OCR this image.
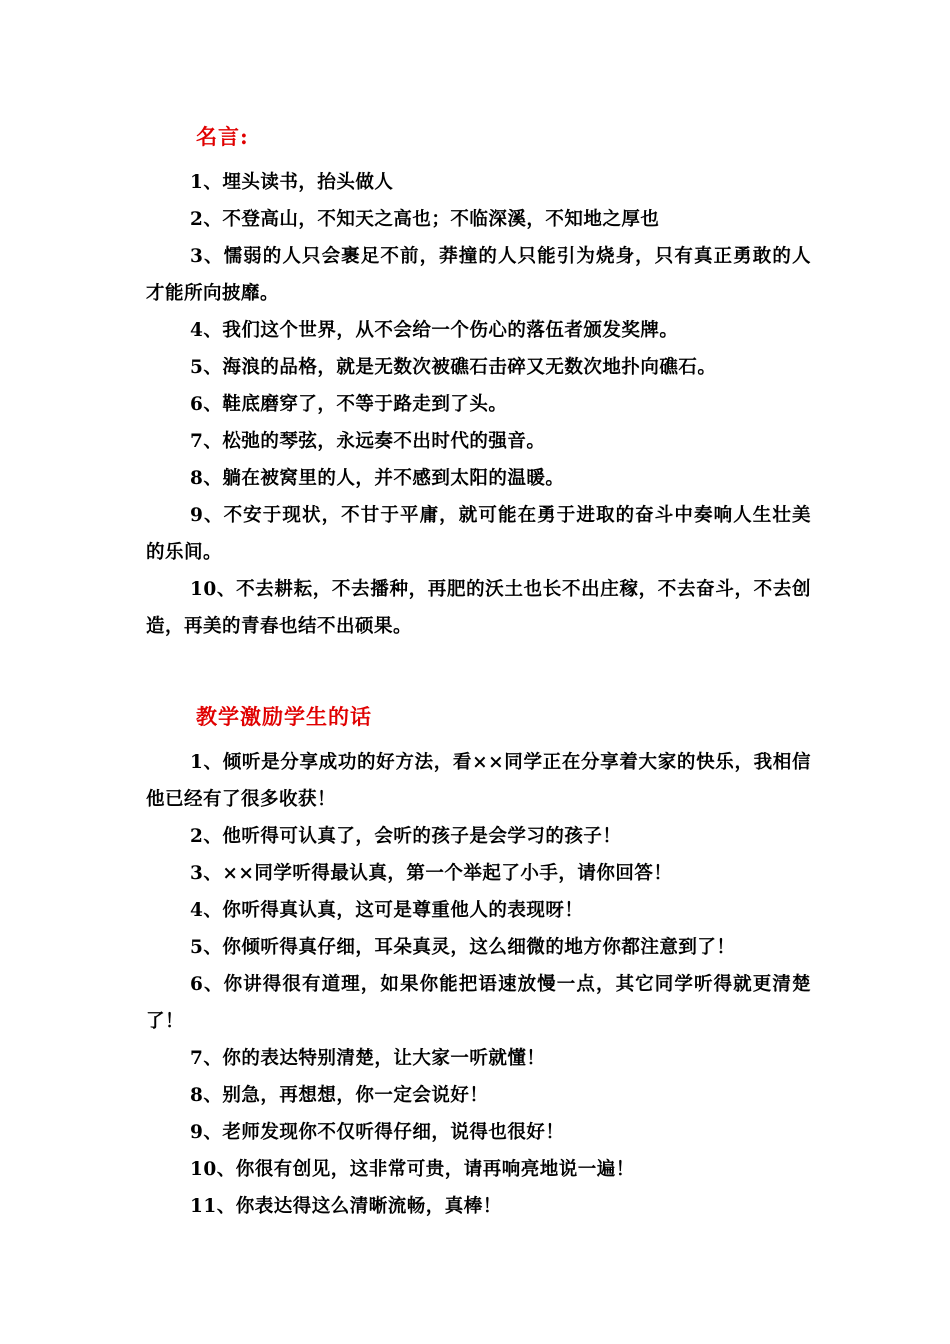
名言:

1、埋头读书，抬头做人

2、不登高山，不知天之高也；不临深溪，不知地之厚也

3、懦弱的人只会裹足不前，莽撞的人只能引为烧身，只有真正勇敢的人才能所向披靡。

4、我们这个世界，从不会给一个伤心的落伍者颁发奖牌。

5、海浪的品格，就是无数次被礁石击碎又无数次地扑向礁石。

6、鞋底磨穿了，不等于路走到了头。

7、松弛的琴弦，永远奏不出时代的强音。

8、躺在被窝里的人，并不感到太阳的温暖。

9、不安于现状，不甘于平庸，就可能在勇于进取的奋斗中奏响人生壮美的乐间。

10、不去耕耘，不去播种，再肥的沃土也长不出庄稼，不去奋斗，不去创造，再美的青春也结不出硕果。

教学激励学生的话

1、倾听是分享成功的好方法，看××同学正在分享着大家的快乐，我相信他已经有了很多收获！

2、他听得可认真了，会听的孩子是会学习的孩子！

3、××同学听得最认真，第一个举起了小手，请你回答！

4、你听得真认真，这可是尊重他人的表现呀！

5、你倾听得真仔细，耳朵真灵，这么细微的地方你都注意到了！

6、你讲得很有道理，如果你能把语速放慢一点，其它同学听得就更清楚了！

7、你的表达特别清楚，让大家一听就懂！

8、别急，再想想，你一定会说好！

9、老师发现你不仅听得仔细，说得也很好！

10、你很有创见，这非常可贵，请再响亮地说一遍！

11、你表达得这么清晰流畅，真棒！
